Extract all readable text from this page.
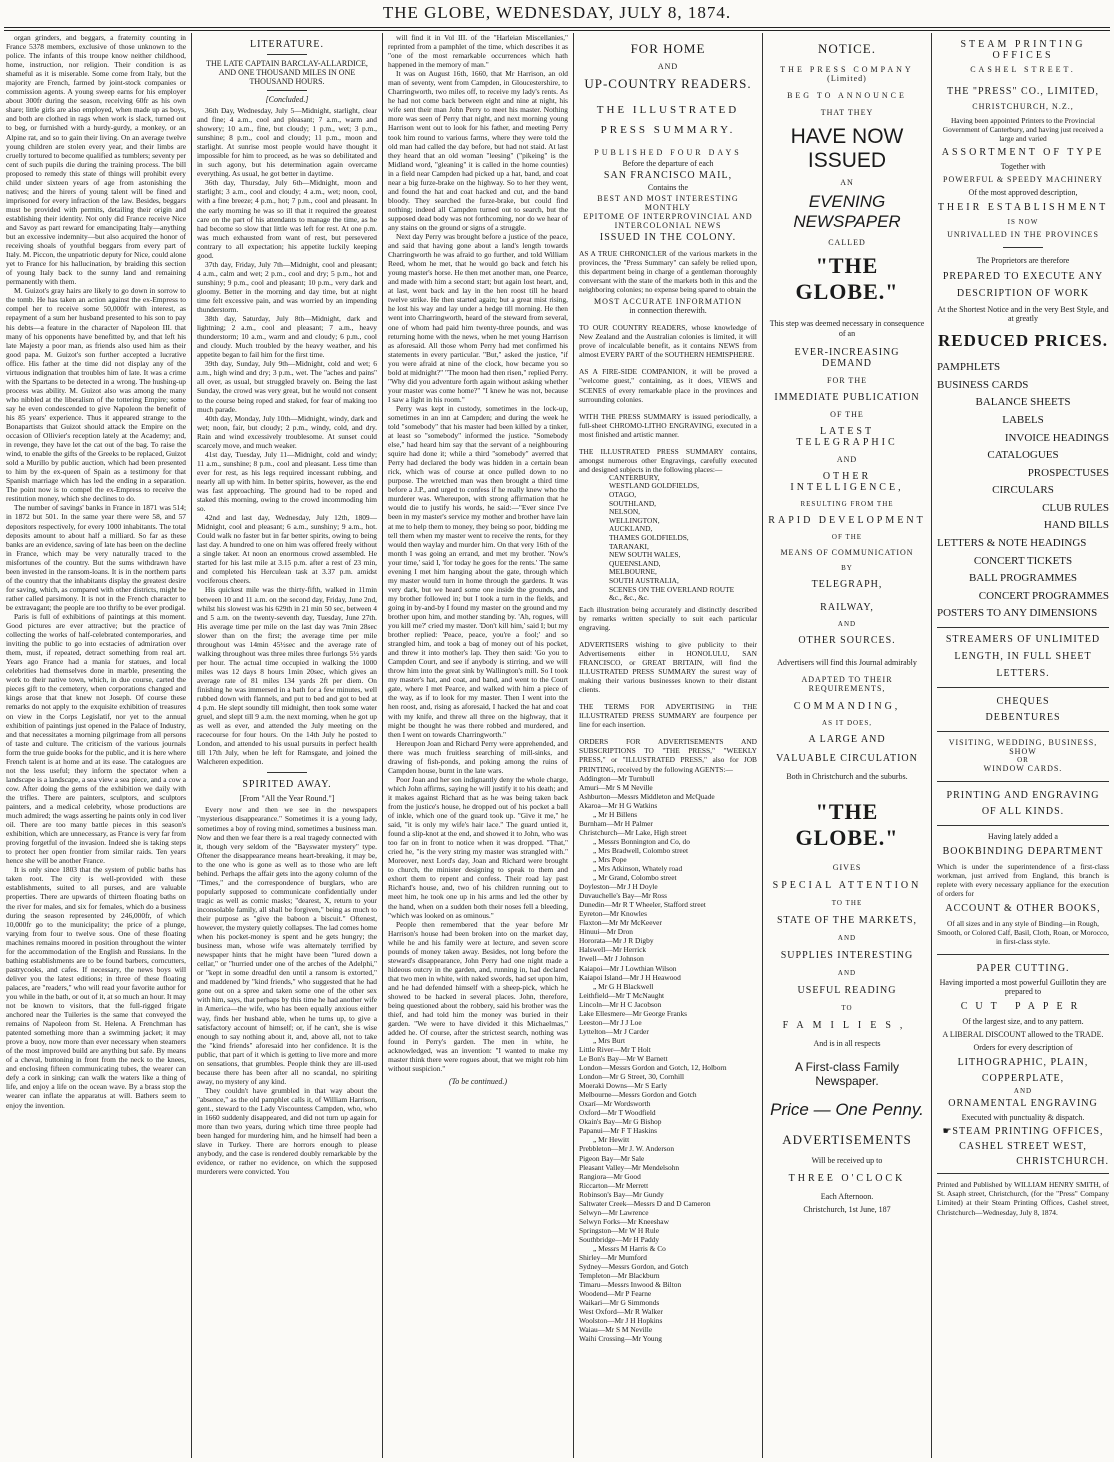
THE GLOBE, WEDNESDAY, JULY 8, 1874.

organ grinders, and beggars, a fraternity counting in France 5378 members, exclusive of those unknown to the police. The infants of this troupe know neither childhood, home, instruction, nor religion. Their condition is as shameful as it is miserable. Some come from Italy, but the majority are French, farmed by joint-stock companies or commission agents. A young sweep earns for his employer about 300fr during the season, receiving 60fr as his own share; little girls are also employed, when made up as boys, and both are clothed in rags when work is slack, turned out to beg, or furnished with a hurdy-gurdy, a monkey, or an Alpine rat, and so to gain their living. On an average twelve young children are stolen every year, and their limbs are cruelly tortured to become qualified as tumblers; seventy per cent of such pupils die during the training process. The bill proposed to remedy this state of things will prohibit every child under sixteen years of age from astonishing the natives; and the hirers of young talent will be fined and imprisoned for every infraction of the law. Besides, beggars must be provided with permits, detailing their origin and establishing their identity. Not only did France receive Nice and Savoy as part reward for emancipating Italy—anything but an excessive indemnity—but also acquired the honor of receiving shoals of youthful beggars from every part of Italy. M. Piccon, the unpatriotic deputy for Nice, could alone yet to France for his hallucination, by braiding this section of young Italy back to the sunny land and remaining permanently with them.

M. Guizot's gray hairs are likely to go down in sorrow to the tomb. He has taken an action against the ex-Empress to compel her to receive some 50,000fr with interest, as repayment of a sum her husband presented to his son to pay his debts—a feature in the character of Napoleon III. that many of his opponents have benefitted by, and that left his late Majesty a poor man, as friends also used him as their good papa. M. Guizot's son further accepted a lucrative office. His father at the time did not display any of the virtuous indignation that troubles him of late. It was a crime with the Spartans to be detected in a wrong. The hushing-up process was ability. M. Guizot also was among the many who nibbled at the liberalism of the tottering Empire; some say he even condescended to give Napoleon the benefit of his 85 years' experience. Thus it appeared strange to the Bonapartists that Guizot should attack the Empire on the occasion of Ollivier's reception lately at the Academy; and, in revenge, they have let the cat out of the bag. To raise the wind, to enable the gifts of the Greeks to be replaced, Guizot sold a Murillo by public auction, which had been presented to him by the ex-queen of Spain as a testimony for that Spanish marriage which has led the ending in a separation. The point now is to compel the ex-Empress to receive the restitution money, which she declines to do.

The number of savings' banks in France in 1871 was 514; in 1872 but 501. In the same year there were 58, and 57 depositors respectively, for every 1000 inhabitants. The total deposits amount to about half a milliard. So far as these banks are an evidence, saving of late has been on the decline in France, which may be very naturally traced to the misfortunes of the country. But the sums withdrawn have been invested in the ransom-loans. It is in the northern parts of the country that the inhabitants display the greatest desire for saving, which, as compared with other districts, might be rather called parsimony. It is not in the French character to be extravagant; the people are too thrifty to be ever prodigal.

Paris is full of exhibitions of paintings at this moment. Good pictures are ever attractive; but the practice of collecting the works of half-celebrated contemporaries, and inviting the public to go into ecstacies of admiration over them, must, if repeated, detract something from real art. Years ago France had a mania for statues, and local celebrities had themselves done in marble, presenting the work to their native town, which, in due course, carted the pieces gift to the cemetery, when corporations changed and kings arose that that knew not Joseph. Of course these remarks do not apply to the exquisite exhibition of treasures on view in the Corps Legislatif, nor yet to the annual exhibition of paintings just opened in the Palace of Industry, and that necessitates a morning pilgrimage from all persons of taste and culture. The criticism of the various journals form the true guide books for the public, and it is here where French talent is at home and at its ease. The catalogues are not the less useful; they inform the spectator when a landscape is a landscape, a sea view a sea piece, and a cow a cow. After doing the gems of the exhibition we daily with the trifles. There are painters, sculptors, and sculptors painters, and a medical celebrity, whose productions are much admired; the wags asserting he paints only in cod liver oil. There are too many battle pieces in this season's exhibition, which are unnecessary, as France is very far from proving forgetful of the invasion. Indeed she is taking steps to protect her open frontier from similar raids. Ten years hence she will be another France.

It is only since 1803 that the system of public baths has taken root. The city is well-provided with these establishments, suited to all purses, and are valuable properties. There are upwards of thirteen floating baths on the river for males, and six for females, which do a business during the season represented by 246,000fr, of which 10,000fr go to the municipality; the price of a plunge, varying from four to twelve sous. One of these floating machines remains moored in position throughout the winter for the accommodation of the English and Russians. In the bathing establishments are to be found barbers, corncutters, pastrycooks, and cafes. If necessary, the news boys will deliver you the latest editions; in three of these floating palaces, are "readers," who will read your favorite author for you while in the bath, or out of it, at so much an hour. It may not be known to visitors, that the full-rigged frigate anchored near the Tuileries is the same that conveyed the remains of Napoleon from St. Helena. A Frenchman has patented something more than a swimming jacket; it may prove a buoy, now more than ever necessary when steamers of the most improved build are anything but safe. By means of a cheval, buttoning in front from the neck to the knees, and enclosing fifteen communicating tubes, the wearer can defy a cork in sinking; can walk the waters like a thing of life, and enjoy a life on the ocean wave. By a brass stop the wearer can inflate the apparatus at will. Bathers seem to enjoy the invention.

LITERATURE.
THE LATE CAPTAIN BARCLAY-ALLARDICE, AND ONE THOUSAND MILES IN ONE THOUSAND HOURS.
[Concluded.]

36th Day, Wednesday, July 5—Midnight, starlight, clear and fine; 4 a.m., cool and pleasant; 7 a.m., warm and showery; 10 a.m., fine, but cloudy; 1 p.m., wet; 3 p.m., sunshine; 8 p.m., cool and cloudy; 11 p.m., moon and starlight. At sunrise most people would have thought it impossible for him to proceed, as he was so debilitated and in such agony, but his determination again overcame everything. As usual, he got better in daytime.

36th day, Thursday, July 6th—Midnight, moon and starlight; 3 a.m., cool and cloudy; 4 a.m., wet; noon, cool, with a fine breeze; 4 p.m., hot; 7 p.m., cool and pleasant. In the early morning he was so ill that it required the greatest care on the part of his attendants to manage the time, as he had become so slow that little was left for rest. At one p.m. was much exhausted from want of rest, but persevered contrary to all expectation; his appetite luckily keeping good.

37th day, Friday, July 7th—Midnight, cool and pleasant; 4 a.m., calm and wet; 2 p.m., cool and dry; 5 p.m., hot and sunshiny; 9 p.m., cool and pleasant; 10 p.m., very dark and gloomy. Better in the morning and day time, but at night time felt excessive pain, and was worried by an impending thunderstorm.

38th day, Saturday, July 8th—Midnight, dark and lightning; 2 a.m., cool and pleasant; 7 a.m., heavy thunderstorm; 10 a.m., warm and and cloudy; 6 p.m., cool and cloudy. Much troubled by the heavy weather, and his appetite began to fail him for the first time.

39th day, Sunday, July 9th—Midnight, cold and wet; 6 a.m., high wind and dry; 3 p.m., wet. The "aches and pains" all over, as usual, but struggled bravely on. Being the last Sunday, the crowd was very great, but he would not consent to the course being roped and staked, for fear of making too much parade.

40th day, Monday, July 10th—Midnight, windy, dark and wet; noon, fair, but cloudy; 2 p.m., windy, cold, and dry. Rain and wind excessively troublesome. At sunset could scarcely move, and much weaker.

41st day, Tuesday, July 11—Midnight, cold and windy; 11 a.m., sunshine; 8 p.m., cool and pleasant. Less time than ever for rest, as his legs required incessant rubbing, and nearly all up with him. In better spirits, however, as the end was fast approaching. The ground had to be roped and staked this morning, owing to the crowd incommoding him so.

42nd and last day, Wednesday, July 12th, 1809—Midnight, cool and pleasant; 6 a.m., sunshiny; 9 a.m., hot. Could walk no faster but in far better spirits, owing to being last day. A hundred to one on him was offered freely without a single taker. At noon an enormous crowd assembled. He started for his last mile at 3.15 p.m. after a rest of 23 min, and completed his Herculean task at 3.37 p.m. amidst vociferous cheers.

His quickest mile was the thirty-fifth, walked in 11min between 10 and 11 a.m. on the second day, Friday, June 2nd, whilst his slowest was his 629th in 21 min 50 sec, between 4 and 5 a.m. on the twenty-seventh day, Tuesday, June 27th. His average time per mile on the last day was 7min 28sec slower than on the first; the average time per mile throughout was 14min 45½sec and the average rate of walking throughout was three miles three furlongs 5½ yards per hour. The actual time occupied in walking the 1000 miles was 12 days 8 hours 1min 20sec, which gives an average rate of 81 miles 134 yards 2ft per diem. On finishing he was immersed in a bath for a few minutes, well rubbed down with flannels, and put to bed and got to bed at 4 p.m. He slept soundly till midnight, then took some water gruel, and slept till 9 a.m. the next morning, when he got up as well as ever, and attended the July meeting on the racecourse for four hours. On the 14th July he posted to London, and attended to his usual pursuits in perfect health till 17th July, when he left for Ramsgate, and joined the Walcheren expedition.

SPIRITED AWAY.
[From "All the Year Round."]

Every now and then we see in the newspapers "mysterious disappearance." Sometimes it is a young lady, sometimes a boy of roving mind, sometimes a business man. Now and then we fear there is a real tragedy connected with it, though very seldom of the "Bayswater mystery" type. Oftener the disappearance means heart-breaking, it may be, to the one who is gone as well as to those who are left behind. Perhaps the affair gets into the agony column of the "Times," and the correspondence of burglars, who are popularly supposed to communicate confidentially under tragic as well as comic masks; "dearest, X, return to your inconsolable family, all shall be forgiven," being as much to their purpose as "give the baboon a biscuit." Oftenest, however, the mystery quietly collapses. The lad comes home when his pocket-money is spent and he gets hungry; the business man, whose wife was alternately terrified by newspaper hints that he might have been "lured down a cellar," or "hurried under one of the arches of the Adelphi," or "kept in some dreadful den until a ransom is extorted," and maddened by "kind friends," who suggested that he had gone out on a spree and taken some one of the other sex with him, says, that perhaps by this time he had another wife in America—the wife, who has been equally anxious either way, finds her husband able, when he turns up, to give a satisfactory account of himself; or, if he can't, she is wise enough to say nothing about it, and, above all, not to take the "kind friends" aforesaid into her confidence. It is the public, that part of it which is getting to live more and more on sensations, that grumbles. People think they are ill-used because there has been after all no scandal, no spiriting away, no mystery of any kind.

They couldn't have grumbled in that way about the "absence," as the old pamphlet calls it, of William Harrison, gent., steward to the Lady Viscountess Campden, who, who in 1660 suddenly disappeared, and did not turn up again for more than two years, during which time three people had been hanged for murdering him, and he himself had been a slave in Turkey. There are horrors enough to please anybody, and the case is rendered doubly remarkable by the evidence, or rather no evidence, on which the supposed murderers were convicted. You

will find it in Vol III. of the "Harleian Miscellanies," reprinted from a pamphlet of the time, which describes it as "one of the most remarkable occurrences which hath happened in the memory of man."

It was on August 16th, 1660, that Mr Harrison, an old man of seventy, went from Campden, in Gloucestershire, to Charringworth, two miles off, to receive my lady's rents. As he had not come back between eight and nine at night, his wife sent their man John Perry to meet his master. Nothing more was seen of Perry that night, and next morning young Harrison went out to look for his father, and meeting Perry took him round to various farms, where they were told the old man had called the day before, but had not staid. At last they heard that an old woman "leesing" ("pikeing" is the Midland word, "gleaning" it is called in the home counties) in a field near Campden had picked up a hat, band, and coat near a big furze-brake on the highway. So to her they went, and found the hat and coat hacked and cut, and the band bloody. They searched the furze-brake, but could find nothing; indeed all Campden turned out to search, but the supposed dead body was not forthcoming, nor do we hear of any stains on the ground or signs of a struggle.

Next day Perry was brought before a justice of the peace, and said that having gone about a land's length towards Charringworth he was afraid to go further, and told William Reed, whom he met, that he would go back and fetch his young master's horse. He then met another man, one Pearce, and made with him a second start; but again lost heart, and, at last, went back and lay in the hen roost till he heard twelve strike. He then started again; but a great mist rising, he lost his way and lay under a hedge till morning. He then went into Charringworth, heard of the steward from several, one of whom had paid him twenty-three pounds, and was returning home with the news, when he met young Harrison as aforesaid. All those whom Perry had met confirmed his statements in every particular. "But," asked the justice, "if you were afraid at nine of the clock, how became you so bold at midnight?" "The moon had then risen," replied Perry. "Why did you adventure forth again without asking whether your master was come home?" "I knew he was not, because I saw a light in his room."

Perry was kept in custody, sometimes in the lock-up, sometimes in an inn at Campden; and during the week he told "somebody" that his master had been killed by a tinker, at least so "somebody" informed the justice. "Somebody else," had heard him say that the servant of a neighbouring squire had done it; while a third "somebody" averred that Perry had declared the body was hidden in a certain bean rick, which was of course at once pulled down to no purpose. The wretched man was then brought a third time before a J.P., and urged to confess if he really knew who the murderer was. Whereupon, with strong affirmation that he would die to justify his words, he said:—"Ever since I've been in my master's service my mother and brother have lain at me to help them to money, they being so poor, bidding me tell them when my master went to receive the rents, for they would then waylay and murder him. On that very 16th of the month I was going an errand, and met my brother. 'Now's your time,' said I, 'for today he goes for the rents.' The same evening I met him hanging about the gate, through which my master would turn in home through the gardens. It was very dark, but we heard some one inside the grounds, and my brother followed in; but I took a turn in the fields, and going in by-and-by I found my master on the ground and my brother upon him, and mother standing by. 'Ah, rogues, will you kill me?' cried my master. 'Don't kill him,' said I; but my brother replied: 'Peace, peace, you're a fool;' and so strangled him, and took a bag of money out of his pocket, and threw it into mother's lap. They then said: 'Go you to Campden Court, and see if anybody is stirring, and we will throw him into the great sink by Wallington's mill. So I took my master's hat, and coat, and band, and went to the Court gate, where I met Pearce, and walked with him a piece of the way, as if to look for my master. Then I went into the hen roost, and, rising as aforesaid, I hacked the hat and coat with my knife, and threw all three on the highway, that it might be thought he was there robbed and murdered, and then I went on towards Charringworth."

Hereupon Joan and Richard Perry were apprehended, and there was much fruitless searching of mill-sinks, and drawing of fish-ponds, and poking among the ruins of Campden house, burnt in the late wars.

Poor Joan and her son indignantly deny the whole charge, which John affirms, saying he will justify it to his death; and it makes against Richard that as he was being taken back from the justice's house, he dropped out of his pocket a ball of inkle, which one of the guard took up. "Give it me," he said, "it is only my wife's hair lace." The guard untied it, found a slip-knot at the end, and showed it to John, who was too far on in front to notice when it was dropped. "That," cried he, "is the very string my master was strangled with." Moreover, next Lord's day, Joan and Richard were brought to church, the minister designing to speak to them and exhort them to repent and confess. Their road lay past Richard's house, and, two of his children running out to meet him, he took one up in his arms and led the other by the hand, when on a sudden both their noses fell a bleeding, "which was looked on as ominous."

People then remembered that the year before Mr Harrison's house had been broken into on the market day, while he and his family were at lecture, and seven score pounds of money taken away. Besides, not long before the steward's disappearance, John Perry had one night made a hideous outcry in the garden, and, running in, had declared that two men in white, with naked swords, had set upon him, and he had defended himself with a sheep-pick, which he showed to be hacked in several places. John, therefore, being questioned about the robbery, said his brother was the thief, and had told him the money was buried in their garden. "We were to have divided it this Michaelmas," added he. Of course, after the strictest search, nothing was found in Perry's garden. The men in white, he acknowledged, was an invention: "I wanted to make my master think there were rogues about, that we might rob him without suspicion."

(To be continued.)
FOR HOME
AND
UP-COUNTRY READERS.
THE ILLUSTRATED
PRESS SUMMARY.
PUBLISHED FOUR DAYS
Before the departure of each
SAN FRANCISCO MAIL,
Contains the
BEST AND MOST INTERESTING
MONTHLY
EPITOME OF INTERPROVINCIAL AND
INTERCOLONIAL NEWS
ISSUED IN THE COLONY.
AS A TRUE CHRONICLER of the various markets in the provinces, the "Press Summary" can safely be relied upon, this department being in charge of a gentleman thoroughly conversant with the state of the markets both in this and the neighboring colonies; no expense being spared to obtain the
MOST ACCURATE INFORMATION
in connection therewith.
TO OUR COUNTRY READERS, whose knowledge of New Zealand and the Australian colonies is limited, it will prove of incalculable benefit, as it contains NEWS from almost EVERY PART of the SOUTHERN HEMISPHERE.
AS A FIRE-SIDE COMPANION, it will be proved a "welcome guest," containing, as it does, VIEWS and SCENES of every remarkable place in the provinces and surrounding colonies.
WITH THE PRESS SUMMARY is issued periodically, a full-sheet CHROMO-LITHO ENGRAVING, executed in a most finished and artistic manner.
THE ILLUSTRATED PRESS SUMMARY contains, amongst numerous other Engravings, carefully executed and designed subjects in the following places:—

CANTERBURY,

WESTLAND GOLDFIELDS,

OTAGO,

SOUTHLAND,

NELSON,

WELLINGTON,

AUCKLAND,

THAMES GOLDFIELDS,

TARANAKI,

NEW SOUTH WALES,

QUEENSLAND,

MELBOURNE,

SOUTH AUSTRALIA,

SCENES ON THE OVERLAND ROUTE

&c., &c., &c.

Each illustration being accurately and distinctly described by remarks written specially to suit each particular engraving.
ADVERTISERS wishing to give publicity to their Advertisements either in HONOLULU, SAN FRANCISCO, or GREAT BRITAIN, will find the ILLUSTRATED PRESS SUMMARY the surest way of making their various businesses known to their distant clients.
THE TERMS FOR ADVERTISING in THE ILLUSTRATED PRESS SUMMARY are fourpence per line for each insertion.
ORDERS FOR ADVERTISEMENTS AND SUBSCRIPTIONS TO "THE PRESS," "WEEKLY PRESS," or "ILLUSTRATED PRESS," also for JOB PRINTING, received by the following AGENTS:—

Addington—Mr Turnbull

Amuri—Mr S M Neville

Ashburton—Messrs Middleton and McQuade

Akaroa—Mr H G Watkins

„ Mr H Billens

Burnham—Mr H Palmer

Christchurch—Mr Lake, High street

„ Messrs Bonnington and Co, do

„ Mrs Bradwell, Colombo street

„ Mrs Pope

„ Mrs Atkinson, Whately road

„ Mr Grand, Colombo street

Doyleston—Mr J H Doyle

Duvauchelle's Bay—Mr Ross

Dunedin—Mr R T Wheeler, Stafford street

Eyreton—Mr Knowles

Flaxton—Mr Mr McKeever

Hinuui—Mr Dron

Hororata—Mr J R Digby

Halswell—Mr Herrick

Irwell—Mr J Johnson

Kaiapoi—Mr J Lowthian Wilson

Kaiapoi Island—Mr J H Heawood

„ Mr G H Blackwell

Leithfield—Mr T McNaught

Lincoln—Mr H C Jacobson

Lake Ellesmere—Mr George Franks

Leeston—Mr J J Loe

Lyttelton—Mr J Carder

„ Mrs Burt

Little River—Mr T Holt

Le Bon's Bay—Mr W Barnett

London—Messrs Gordon and Gotch, 12, Holborn

London—Mr G Street, 30, Cornhill

Moeraki Downs—Mr S Early

Melbourne—Messrs Gordon and Gotch

Oxarí—Mr Wordsworth

Oxford—Mr T Woodfield

Okain's Bay—Mr G Bishop

Papanui—Mr F T Haskins

„ Mr Hewitt

Prebbleton—Mr J. W. Anderson

Pigeon Bay—Mr Sale

Pleasant Valley—Mr Mendelsohn

Rangiora—Mr Good

Riccarton—Mr Merrett

Robinson's Bay—Mr Gundy

Saltwater Creek—Messrs D and D Cameron

Selwyn—Mr Lawrence

Selwyn Forks—Mr Kneeshaw

Springston—Mr W H Rule

Southbridge—Mr H Paddy

„ Messrs M Harris & Co

Shirley—Mr Mumford

Sydney—Messrs Gordon, and Gotch

Templeton—Mr Blackburn

Timaru—Messrs Inwood & Bilton

Woodend—Mr P Fearne

Waikari—Mr G Simmonds

West Oxford—Mr R Walker

Woolston—Mr J H Hopkins

Waiau—Mr S M Neville

Waihi Crossing—Mr Young

NOTICE.
THE PRESS COMPANY
(Limited)
BEG TO ANNOUNCE
THAT THEY
HAVE NOW ISSUED
AN
EVENING NEWSPAPER
CALLED
"THE GLOBE."
This step was deemed necessary in consequence of an
EVER-INCREASING DEMAND
FOR THE
IMMEDIATE PUBLICATION
OF THE
LATEST TELEGRAPHIC
AND
OTHER INTELLIGENCE,
RESULTING FROM THE
RAPID DEVELOPMENT
OF THE
MEANS OF COMMUNICATION
BY
TELEGRAPH,
RAILWAY,
AND
OTHER SOURCES.
Advertisers will find this Journal admirably
ADAPTED TO THEIR REQUIREMENTS,
COMMANDING,
AS IT DOES,
A LARGE AND
VALUABLE CIRCULATION
Both in Christchurch and the suburbs.
"THE GLOBE."
GIVES
SPECIAL ATTENTION
TO THE
STATE OF THE MARKETS,
AND
SUPPLIES INTERESTING
AND
USEFUL READING
TO
FAMILIES,
And is in all respects
A First-class Family Newspaper.
Price — One Penny.
ADVERTISEMENTS
Will be received up to
THREE O'CLOCK
Each Afternoon.
Christchurch, 1st June, 187
STEAM PRINTING OFFICES
CASHEL STREET.
THE "PRESS" CO., LIMITED,
CHRISTCHURCH, N.Z.,
Having been appointed Printers to the Provincial Government of Canterbury, and having just received a large and varied
ASSORTMENT OF TYPE
Together with
POWERFUL & SPEEDY MACHINERY
Of the most approved description,
THEIR ESTABLISHMENT
IS NOW
UNRIVALLED IN THE PROVINCES
The Proprietors are therefore
PREPARED TO EXECUTE ANY
DESCRIPTION OF WORK
At the Shortest Notice and in the very Best Style, and at greatly
REDUCED PRICES.
PAMPHLETS
BUSINESS CARDS
BALANCE SHEETS
LABELS
INVOICE HEADINGS
CATALOGUES
PROSPECTUSES
CIRCULARS
CLUB RULES
HAND BILLS
LETTERS & NOTE HEADINGS
CONCERT TICKETS
BALL PROGRAMMES
CONCERT PROGRAMMES
POSTERS TO ANY DIMENSIONS
STREAMERS OF UNLIMITED
LENGTH, IN FULL SHEET
LETTERS.
CHEQUES
DEBENTURES
VISITING, WEDDING, BUSINESS, SHOW
OR
WINDOW CARDS.
PRINTING AND ENGRAVING
OF ALL KINDS.
Having lately added a
BOOKBINDING DEPARTMENT
Which is under the superintendence of a first-class workman, just arrived from England, this branch is replete with every necessary appliance for the execution of orders for
ACCOUNT & OTHER BOOKS,
Of all sizes and in any style of Binding—in Rough, Smooth, or Colored Calf, Basil, Cloth, Roan, or Morocco, in first-class style.
PAPER CUTTING.
Having imported a most powerful Guillotin they are prepared to
CUT PAPER
Of the largest size, and to any pattern.
A LIBERAL DISCOUNT allowed to the TRADE.
Orders for every description of
LITHOGRAPHIC, PLAIN,
COPPERPLATE,
AND
ORNAMENTAL ENGRAVING
Executed with punctuality & dispatch.
☛STEAM PRINTING OFFICES,
CASHEL STREET WEST,
CHRISTCHURCH.
Printed and Published by WILLIAM HENRY SMITH, of St. Asaph street, Christchurch, (for the "Press" Company Limited) at their Steam Printing Offices, Cashel street, Christchurch—Wednesday, July 8, 1874.
